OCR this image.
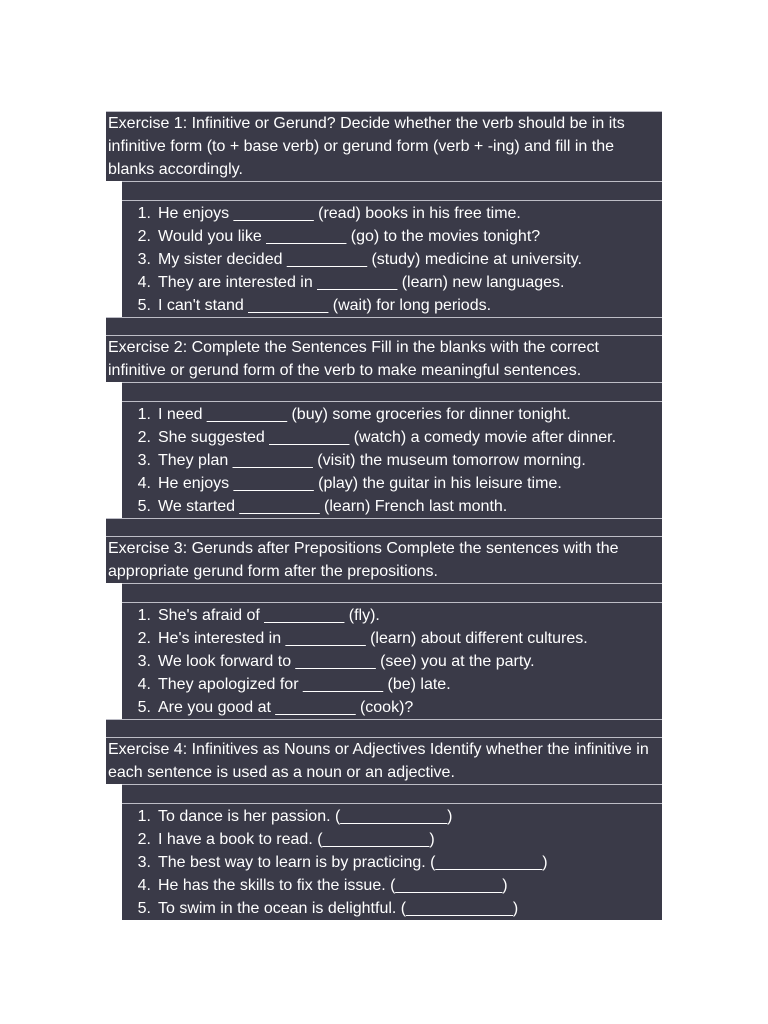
Exercise 1: Infinitive or Gerund? Decide whether the verb should be in its infinitive form (to + base verb) or gerund form (verb + -ing) and fill in the blanks accordingly.
1. He enjoys _________ (read) books in his free time.
2. Would you like _________ (go) to the movies tonight?
3. My sister decided _________ (study) medicine at university.
4. They are interested in _________ (learn) new languages.
5. I can't stand _________ (wait) for long periods.
Exercise 2: Complete the Sentences Fill in the blanks with the correct infinitive or gerund form of the verb to make meaningful sentences.
1. I need _________ (buy) some groceries for dinner tonight.
2. She suggested _________ (watch) a comedy movie after dinner.
3. They plan _________ (visit) the museum tomorrow morning.
4. He enjoys _________ (play) the guitar in his leisure time.
5. We started _________ (learn) French last month.
Exercise 3: Gerunds after Prepositions Complete the sentences with the appropriate gerund form after the prepositions.
1. She's afraid of _________ (fly).
2. He's interested in _________ (learn) about different cultures.
3. We look forward to _________ (see) you at the party.
4. They apologized for _________ (be) late.
5. Are you good at _________ (cook)?
Exercise 4: Infinitives as Nouns or Adjectives Identify whether the infinitive in each sentence is used as a noun or an adjective.
1. To dance is her passion. (____________)
2. I have a book to read. (____________)
3. The best way to learn is by practicing. (____________)
4. He has the skills to fix the issue. (____________)
5. To swim in the ocean is delightful. (____________)
